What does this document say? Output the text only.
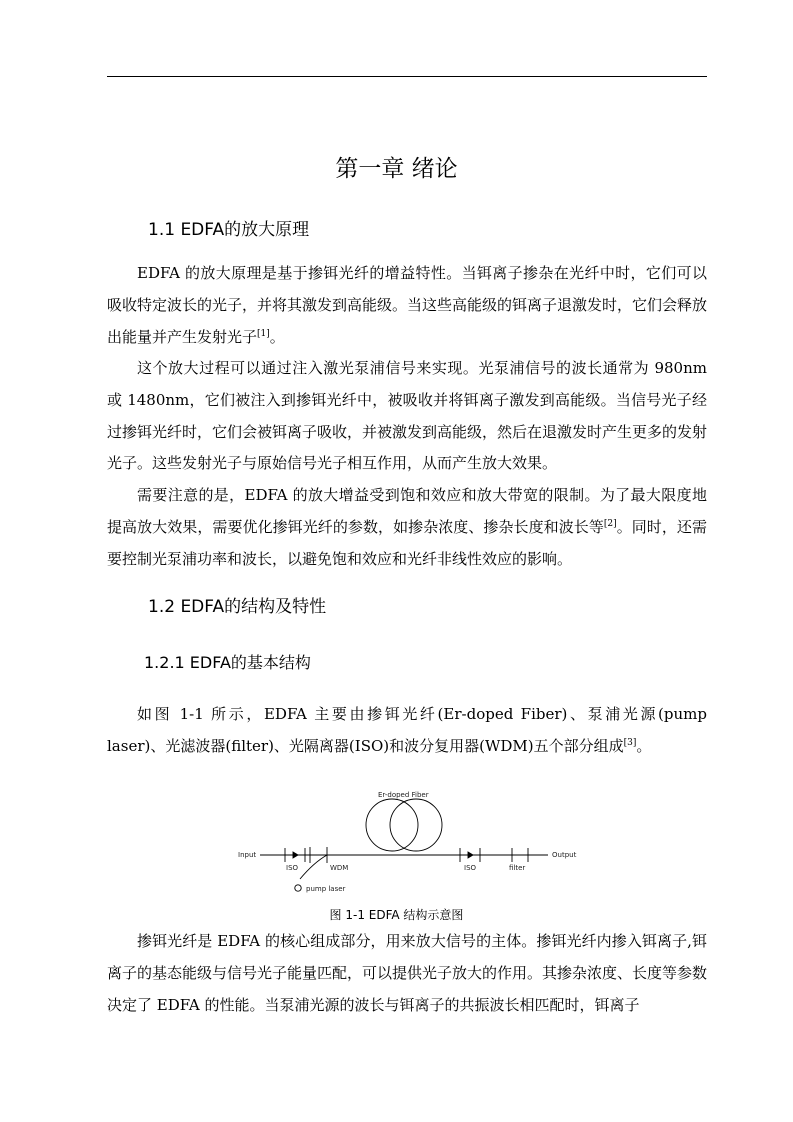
第一章 绪论
1.1 EDFA的放大原理

EDFA 的放大原理是基于掺铒光纤的增益特性。当铒离子掺杂在光纤中时，它们可以吸收特定波长的光子，并将其激发到高能级。当这些高能级的铒离子退激发时，它们会释放出能量并产生发射光子[1]。

这个放大过程可以通过注入激光泵浦信号来实现。光泵浦信号的波长通常为 980nm 或 1480nm，它们被注入到掺铒光纤中，被吸收并将铒离子激发到高能级。当信号光子经过掺铒光纤时，它们会被铒离子吸收，并被激发到高能级，然后在退激发时产生更多的发射光子。这些发射光子与原始信号光子相互作用，从而产生放大效果。

需要注意的是，EDFA 的放大增益受到饱和效应和放大带宽的限制。为了最大限度地提高放大效果，需要优化掺铒光纤的参数，如掺杂浓度、掺杂长度和波长等[2]。同时，还需要控制光泵浦功率和波长，以避免饱和效应和光纤非线性效应的影响。

1.2 EDFA的结构及特性
1.2.1 EDFA的基本结构

如图 1-1 所示，EDFA 主要由掺铒光纤(Er-doped Fiber)、泵浦光源(pump laser)、光滤波器(filter)、光隔离器(ISO)和波分复用器(WDM)五个部分组成[3]。

Er-doped Fiber
Input
ISO	WDM	ISO	filter
Output
pump laser
图 1-1 EDFA 结构示意图

掺铒光纤是 EDFA 的核心组成部分，用来放大信号的主体。掺铒光纤内掺入铒离子,铒离子的基态能级与信号光子能量匹配，可以提供光子放大的作用。其掺杂浓度、长度等参数决定了 EDFA 的性能。当泵浦光源的波长与铒离子的共振波长相匹配时，铒离子
